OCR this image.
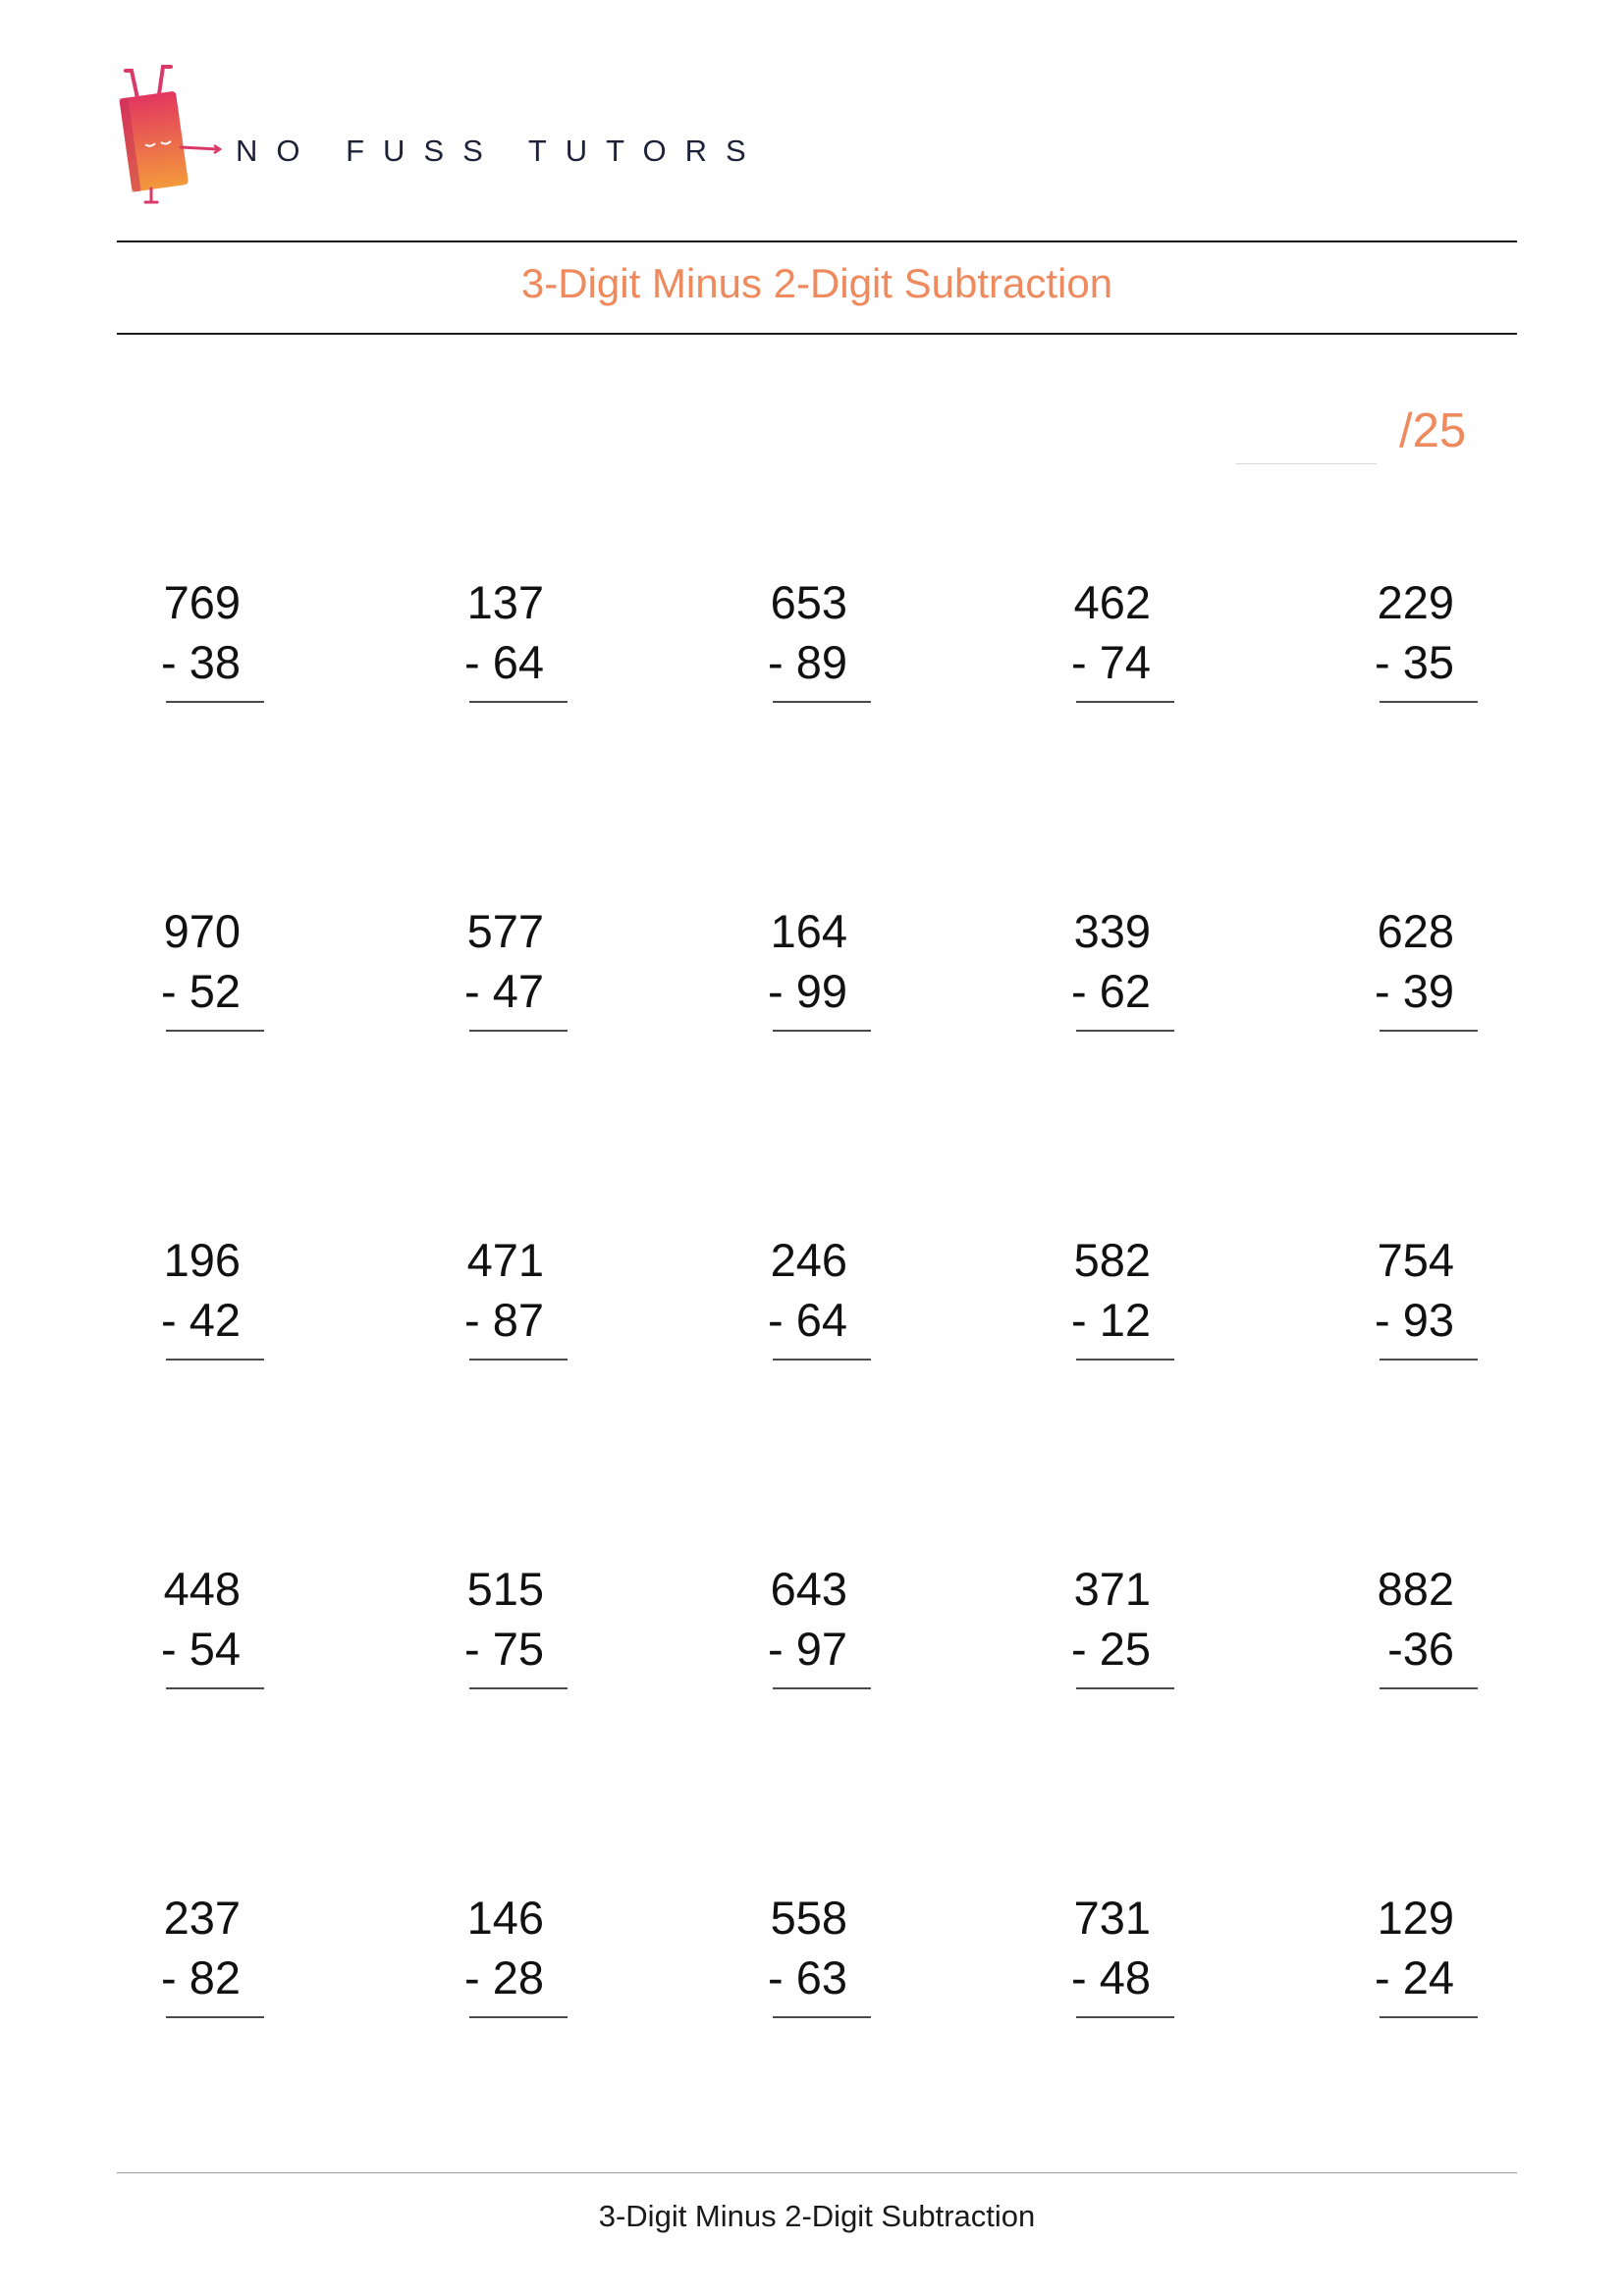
NO FUSS TUTORS
3-Digit Minus 2-Digit Subtraction
/25
769
- 38
137
- 64
653
- 89
462
- 74
229
- 35
970
- 52
577
- 47
164
- 99
339
- 62
628
- 39
196
- 42
471
- 87
246
- 64
582
- 12
754
- 93
448
- 54
515
- 75
643
- 97
371
- 25
882
-36
237
- 82
146
- 28
558
- 63
731
- 48
129
- 24
3-Digit Minus 2-Digit Subtraction
